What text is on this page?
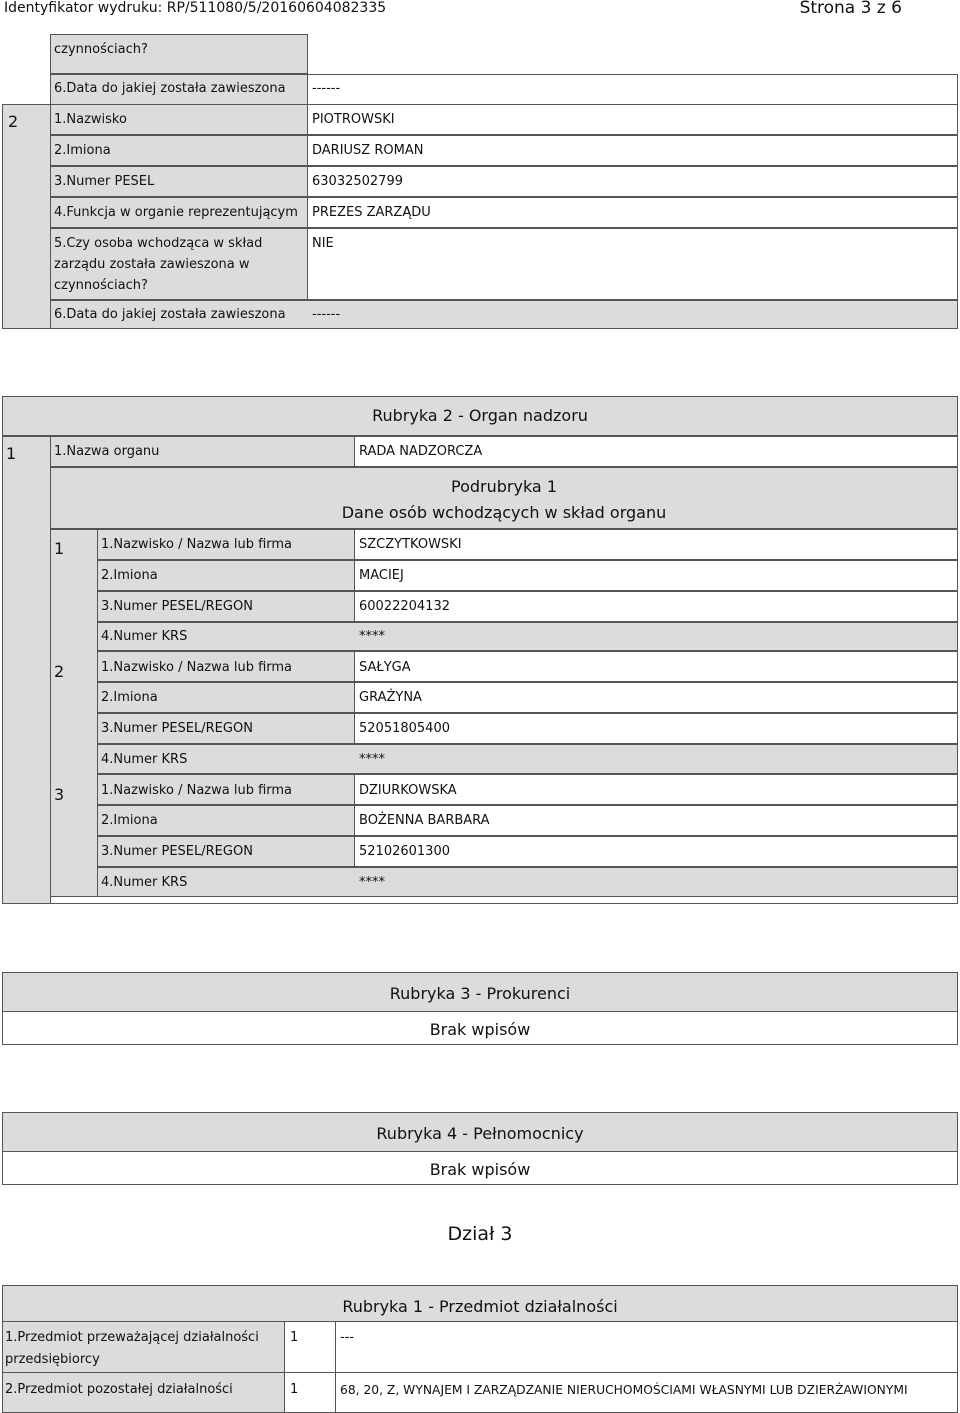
Identyfikator wydruku: RP/511080/5/20160604082335	Strona 3 z 6
czynnościach?
6.Data do jakiej została zawieszona ------
2	1.Nazwisko	PIOTROWSKI
2.Imiona	DARIUSZ ROMAN
3.Numer PESEL	63032502799
4.Funkcja w organie reprezentującym PREZES ZARZĄDU
5.Czy osoba wchodząca w skład
zarządu została zawieszona w
czynnościach?
NIE
6.Data do jakiej została zawieszona ------
Rubryka 2 - Organ nadzoru
1	1.Nazwa organu	RADA NADZORCZA
Podrubryka 1
Dane osób wchodzących w skład organu
1	1.Nazwisko / Nazwa lub firma	SZCZYTKOWSKI
2.Imiona	MACIEJ
3.Numer PESEL/REGON	60022204132
4.Numer KRS	****
2	1.Nazwisko / Nazwa lub firma	SAŁYGA
2.Imiona	GRAŻYNA
3.Numer PESEL/REGON	52051805400
4.Numer KRS	****
3	1.Nazwisko / Nazwa lub firma	DZIURKOWSKA
2.Imiona	BOŻENNA BARBARA
3.Numer PESEL/REGON	52102601300
4.Numer KRS	****
Rubryka 3 - Prokurenci
Brak wpisów
Rubryka 4 - Pełnomocnicy
Brak wpisów
Dział 3
Rubryka 1 - Przedmiot działalności
1.Przedmiot przeważającej działalności
przedsiębiorcy
1	---
2.Przedmiot pozostałej działalności	1	68, 20, Z, WYNAJEM I ZARZĄDZANIE NIERUCHOMOŚCIAMI WŁASNYMI LUB DZIERŻAWIONYMI
